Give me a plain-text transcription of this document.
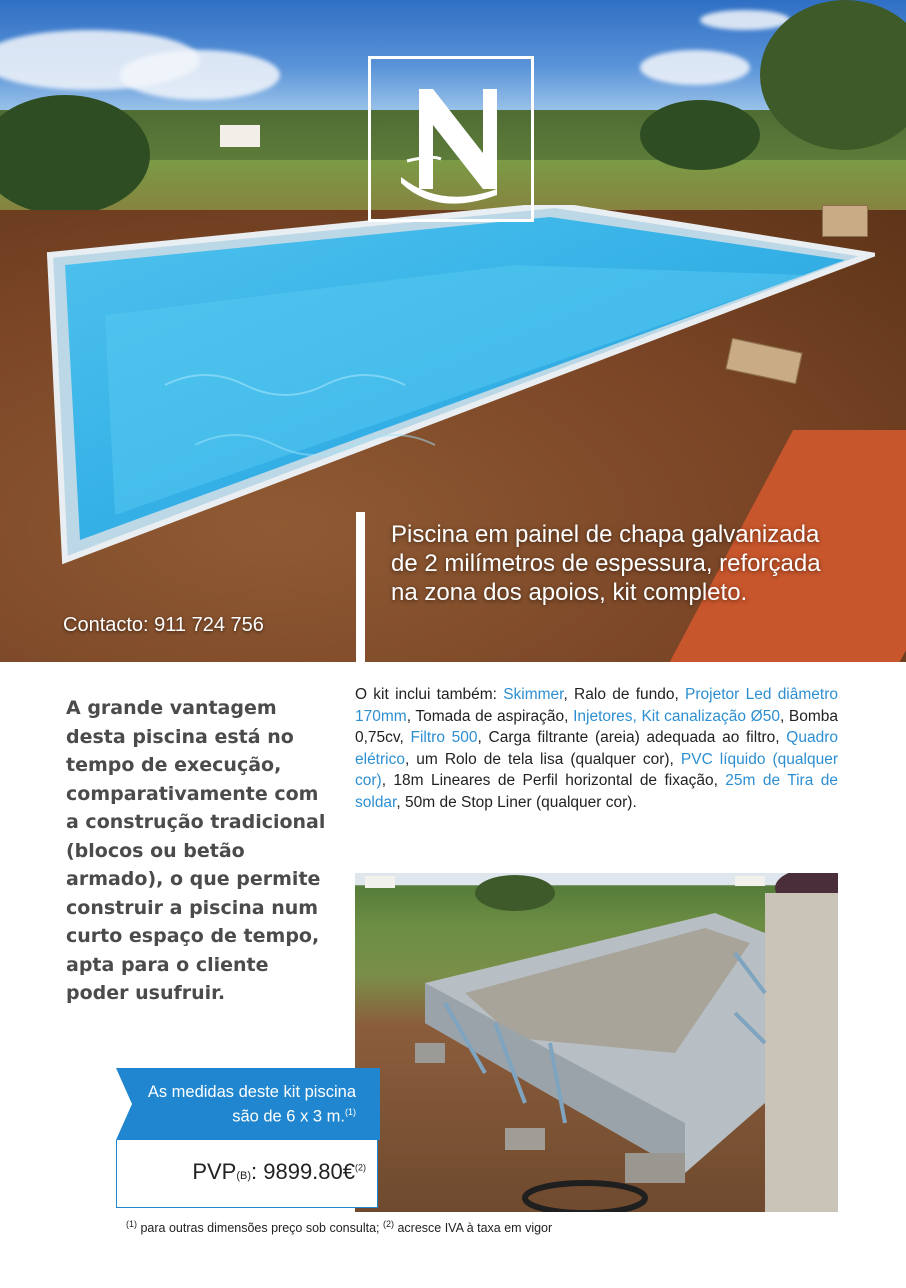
Contacto: 911 724 756
Piscina em painel de chapa galvanizada de 2 milímetros de espessura, reforçada na zona dos apoios, kit completo.
A grande vantagem desta piscina está no tempo de execução, comparativamente com a construção tradicional (blocos ou betão armado), o que permite construir a piscina num curto espaço de tempo, apta para o cliente poder usufruir.
O kit inclui também: Skimmer, Ralo de fundo, Projetor Led diâmetro 170mm, Tomada de aspiração, Injetores, Kit canalização Ø50, Bomba 0,75cv, Filtro 500, Carga filtrante (areia) adequada ao filtro, Quadro elétrico, um Rolo de tela lisa (qualquer cor), PVC líquido (qualquer cor), 18m Lineares de Perfil horizontal de fixação, 25m de Tira de soldar, 50m de Stop Liner (qualquer cor).
As medidas deste kit piscina são de 6 x 3 m.$^{(1)}$
PVP(B): 9899.80€$^{(2)}$
$^{(1)}$ para outras dimensões preço sob consulta; $^{(2)}$ acresce IVA à taxa em vigor
